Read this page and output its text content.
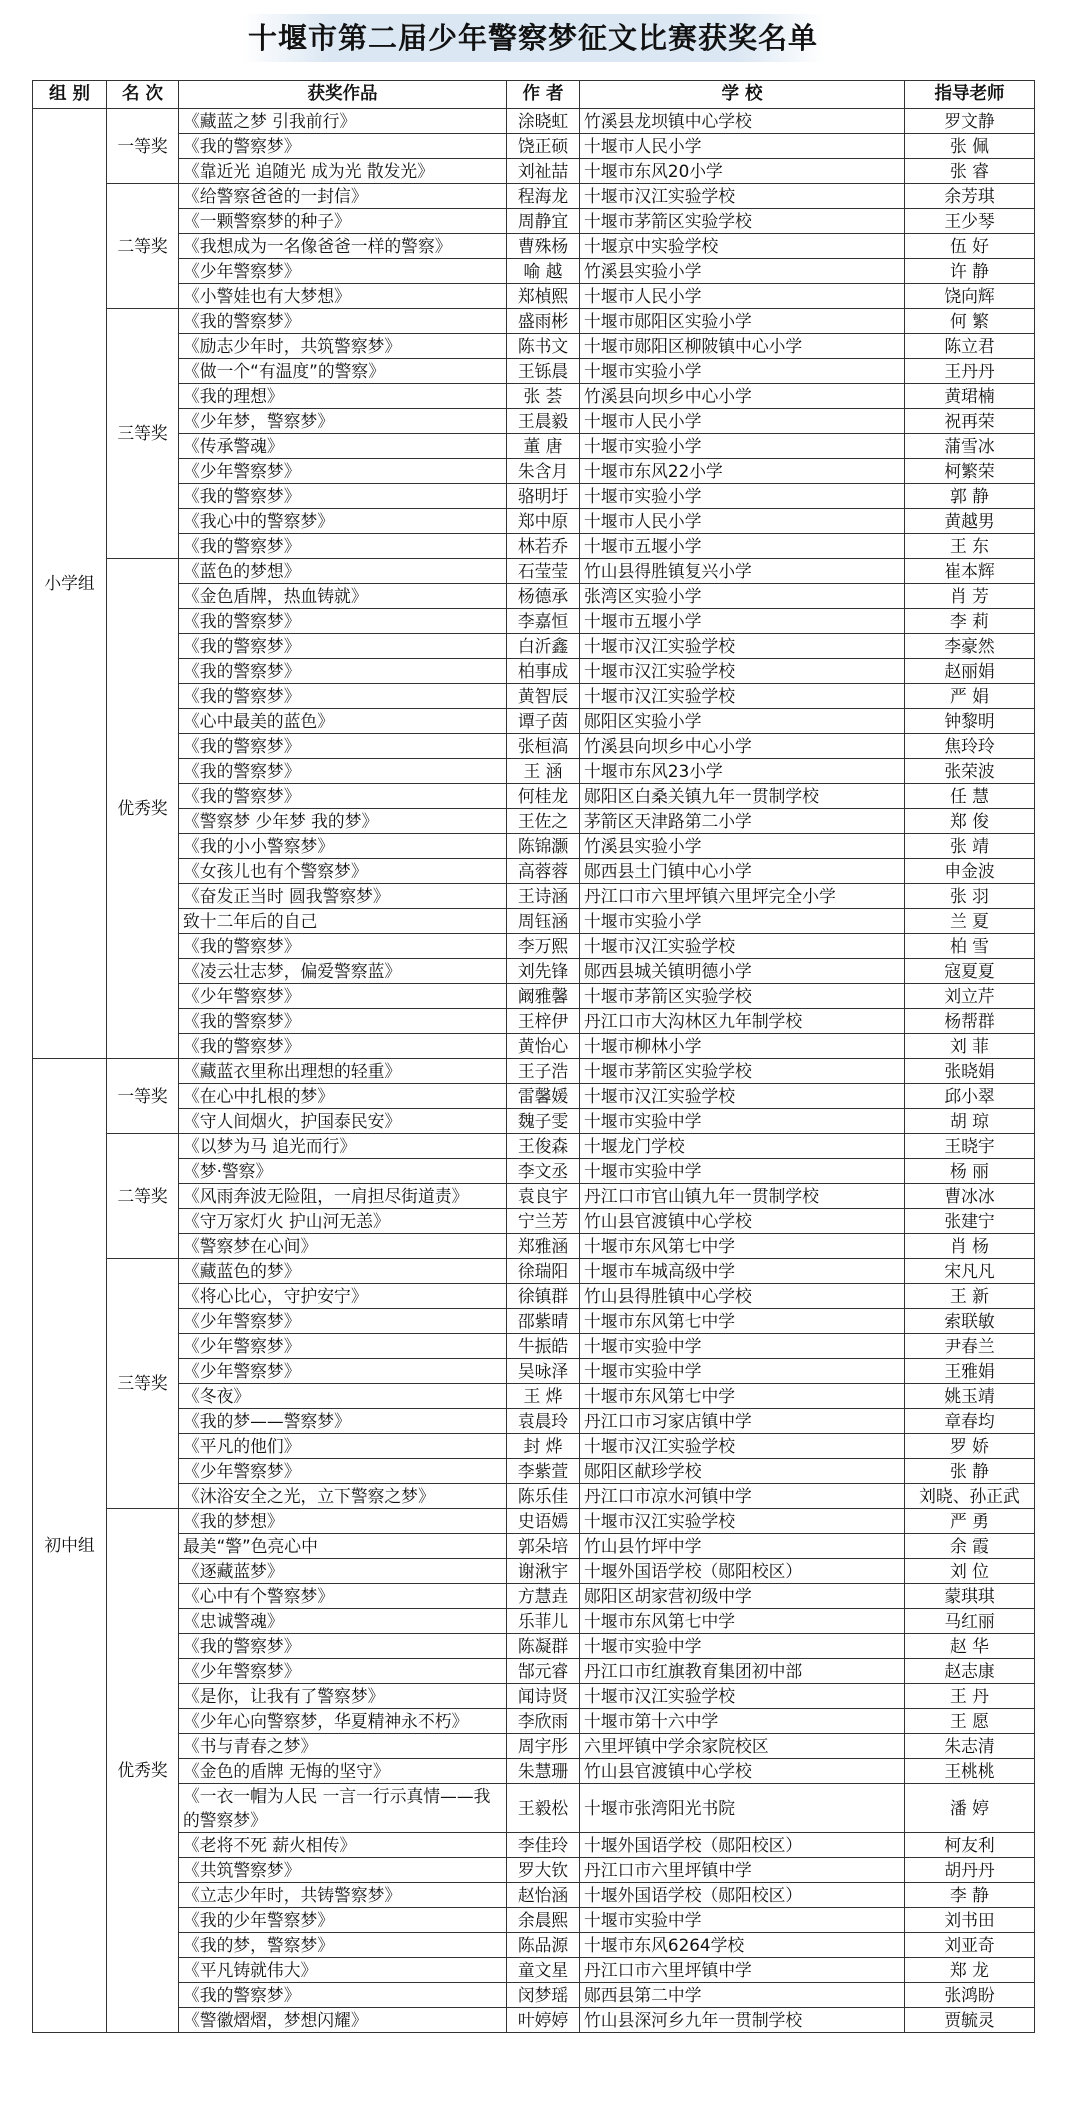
十堰市第二届少年警察梦征文比赛获奖名单
组 别	名 次	获奖作品	作 者	学 校	指导老师
小学组	一等奖	《藏蓝之梦 引我前行》	涂晓虹	竹溪县龙坝镇中心学校	罗文静
		《我的警察梦》	饶正硕	十堰市人民小学	张 佩
		《靠近光 追随光 成为光 散发光》	刘祉喆	十堰市东风20小学	张 睿
	二等奖	《给警察爸爸的一封信》	程海龙	十堰市汉江实验学校	余芳琪
		《一颗警察梦的种子》	周静宜	十堰市茅箭区实验学校	王少琴
		《我想成为一名像爸爸一样的警察》	曹殊杨	十堰京中实验学校	伍 好
		《少年警察梦》	喻 越	竹溪县实验小学	许 静
		《小警娃也有大梦想》	郑楨熙	十堰市人民小学	饶向辉
	三等奖	《我的警察梦》	盛雨彬	十堰市郧阳区实验小学	何 繁
		《励志少年时，共筑警察梦》	陈书文	十堰市郧阳区柳陂镇中心小学	陈立君
		《做一个“有温度”的警察》	王铄晨	十堰市实验小学	王丹丹
		《我的理想》	张 荟	竹溪县向坝乡中心小学	黄珺楠
		《少年梦，警察梦》	王晨毅	十堰市人民小学	祝再荣
		《传承警魂》	董 唐	十堰市实验小学	蒲雪冰
		《少年警察梦》	朱含月	十堰市东风22小学	柯繁荣
		《我的警察梦》	骆明圩	十堰市实验小学	郭 静
		《我心中的警察梦》	郑中原	十堰市人民小学	黄越男
		《我的警察梦》	林若乔	十堰市五堰小学	王 东
	优秀奖	《蓝色的梦想》	石莹莹	竹山县得胜镇复兴小学	崔本辉
		《金色盾牌，热血铸就》	杨德承	张湾区实验小学	肖 芳
		《我的警察梦》	李嘉恒	十堰市五堰小学	李 莉
		《我的警察梦》	白沂鑫	十堰市汉江实验学校	李豪然
		《我的警察梦》	柏事成	十堰市汉江实验学校	赵丽娟
		《我的警察梦》	黄智辰	十堰市汉江实验学校	严 娟
		《心中最美的蓝色》	谭子茵	郧阳区实验小学	钟黎明
		《我的警察梦》	张桓滈	竹溪县向坝乡中心小学	焦玲玲
		《我的警察梦》	王 涵	十堰市东风23小学	张荣波
		《我的警察梦》	何桂龙	郧阳区白桑关镇九年一贯制学校	任 慧
		《警察梦 少年梦 我的梦》	王佐之	茅箭区天津路第二小学	郑 俊
		《我的小小警察梦》	陈锦灏	竹溪县实验小学	张 靖
		《女孩儿也有个警察梦》	高蓉蓉	郧西县土门镇中心小学	申金波
		《奋发正当时 圆我警察梦》	王诗涵	丹江口市六里坪镇六里坪完全小学	张 羽
		致十二年后的自己	周钰涵	十堰市实验小学	兰 夏
		《我的警察梦》	李万熙	十堰市汉江实验学校	柏 雪
		《凌云壮志梦，偏爱警察蓝》	刘先锋	郧西县城关镇明德小学	寇夏夏
		《少年警察梦》	阚雅馨	十堰市茅箭区实验学校	刘立芹
		《我的警察梦》	王梓伊	丹江口市大沟林区九年制学校	杨帮群
		《我的警察梦》	黄怡心	十堰市柳林小学	刘 菲
初中组	一等奖	《藏蓝衣里称出理想的轻重》	王子浩	十堰市茅箭区实验学校	张晓娟
		《在心中扎根的梦》	雷馨媛	十堰市汉江实验学校	邱小翠
		《守人间烟火，护国泰民安》	魏子雯	十堰市实验中学	胡 琼
	二等奖	《以梦为马 追光而行》	王俊森	十堰龙门学校	王晓宇
		《梦·警察》	李文丞	十堰市实验中学	杨 丽
		《风雨奔波无险阻，一肩担尽街道责》	袁良宇	丹江口市官山镇九年一贯制学校	曹冰冰
		《守万家灯火 护山河无恙》	宁兰芳	竹山县官渡镇中心学校	张建宁
		《警察梦在心间》	郑雅涵	十堰市东风第七中学	肖 杨
	三等奖	《藏蓝色的梦》	徐瑞阳	十堰市车城高级中学	宋凡凡
		《将心比心，守护安宁》	徐镇群	竹山县得胜镇中心学校	王 新
		《少年警察梦》	邵紫晴	十堰市东风第七中学	索联敏
		《少年警察梦》	牛振皓	十堰市实验中学	尹春兰
		《少年警察梦》	吴咏泽	十堰市实验中学	王雅娟
		《冬夜》	王 烨	十堰市东风第七中学	姚玉靖
		《我的梦——警察梦》	袁晨玲	丹江口市习家店镇中学	章春均
		《平凡的他们》	封 烨	十堰市汉江实验学校	罗 娇
		《少年警察梦》	李紫萱	郧阳区献珍学校	张 静
		《沐浴安全之光，立下警察之梦》	陈乐佳	丹江口市凉水河镇中学	刘晓、孙正武
	优秀奖	《我的梦想》	史语嫣	十堰市汉江实验学校	严 勇
		最美“警”色亮心中	郭朵培	竹山县竹坪中学	余 霞
		《逐藏蓝梦》	谢湫宇	十堰外国语学校（郧阳校区）	刘 位
		《心中有个警察梦》	方慧垚	郧阳区胡家营初级中学	蒙琪琪
		《忠诚警魂》	乐菲儿	十堰市东风第七中学	马红丽
		《我的警察梦》	陈凝群	十堰市实验中学	赵 华
		《少年警察梦》	郜元睿	丹江口市红旗教育集团初中部	赵志康
		《是你，让我有了警察梦》	闻诗贤	十堰市汉江实验学校	王 丹
		《少年心向警察梦，华夏精神永不朽》	李欣雨	十堰市第十六中学	王 愿
		《书与青春之梦》	周宇彤	六里坪镇中学余家院校区	朱志清
		《金色的盾牌 无悔的坚守》	朱慧珊	竹山县官渡镇中心学校	王桃桃
		《一衣一帽为人民 一言一行示真情——我的警察梦》	王毅松	十堰市张湾阳光书院	潘 婷
		《老将不死 薪火相传》	李佳玲	十堰外国语学校（郧阳校区）	柯友利
		《共筑警察梦》	罗大钦	丹江口市六里坪镇中学	胡丹丹
		《立志少年时，共铸警察梦》	赵怡涵	十堰外国语学校（郧阳校区）	李 静
		《我的少年警察梦》	余晨熙	十堰市实验中学	刘书田
		《我的梦，警察梦》	陈品源	十堰市东风6264学校	刘亚奇
		《平凡铸就伟大》	童文星	丹江口市六里坪镇中学	郑 龙
		《我的警察梦》	闵梦瑶	郧西县第二中学	张鸿盼
		《警徽熠熠，梦想闪耀》	叶婷婷	竹山县深河乡九年一贯制学校	贾毓灵
